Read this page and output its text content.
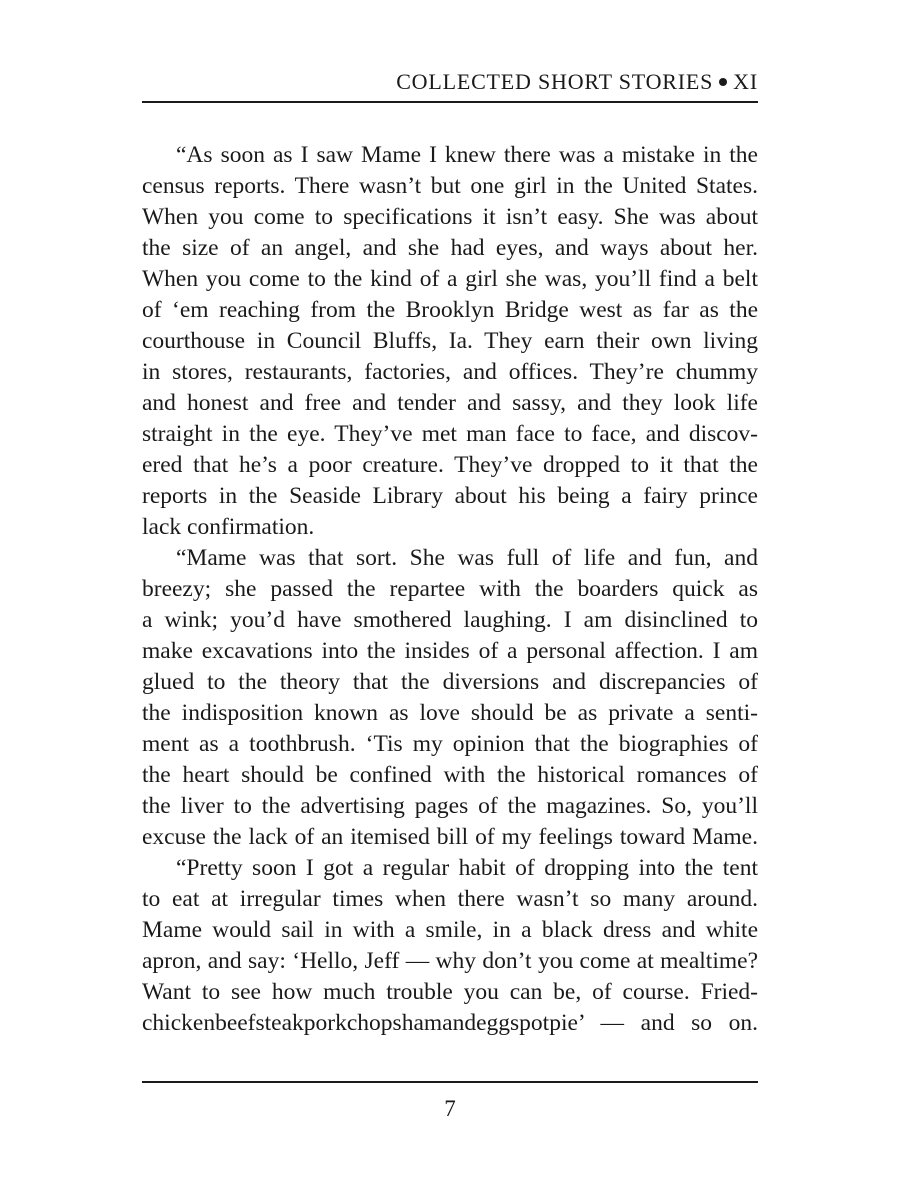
COLLECTED SHORT STORIES XI
“As soon as I saw Mame I knew there was a mistake in the
census reports. There wasn’t but one girl in the United States.
When you come to specifications it isn’t easy. She was about
the size of an angel, and she had eyes, and ways about her.
When you come to the kind of a girl she was, you’ll find a belt
of ‘em reaching from the Brooklyn Bridge west as far as the
courthouse in Council Bluffs, Ia. They earn their own living
in stores, restaurants, factories, and offices. They’re chummy
and honest and free and tender and sassy, and they look life
straight in the eye. They’ve met man face to face, and discov-
ered that he’s a poor creature. They’ve dropped to it that the
reports in the Seaside Library about his being a fairy prince
lack confirmation.
“Mame was that sort. She was full of life and fun, and
breezy; she passed the repartee with the boarders quick as
a wink; you’d have smothered laughing. I am disinclined to
make excavations into the insides of a personal affection. I am
glued to the theory that the diversions and discrepancies of
the indisposition known as love should be as private a senti-
ment as a toothbrush. ‘Tis my opinion that the biographies of
the heart should be confined with the historical romances of
the liver to the advertising pages of the magazines. So, you’ll
excuse the lack of an itemised bill of my feelings toward Mame.
“Pretty soon I got a regular habit of dropping into the tent
to eat at irregular times when there wasn’t so many around.
Mame would sail in with a smile, in a black dress and white
apron, and say: ‘Hello, Jeff — why don’t you come at mealtime?
Want to see how much trouble you can be, of course. Fried-
chickenbeefsteakporkchopshamandeggspotpie’ — and so on.
7
